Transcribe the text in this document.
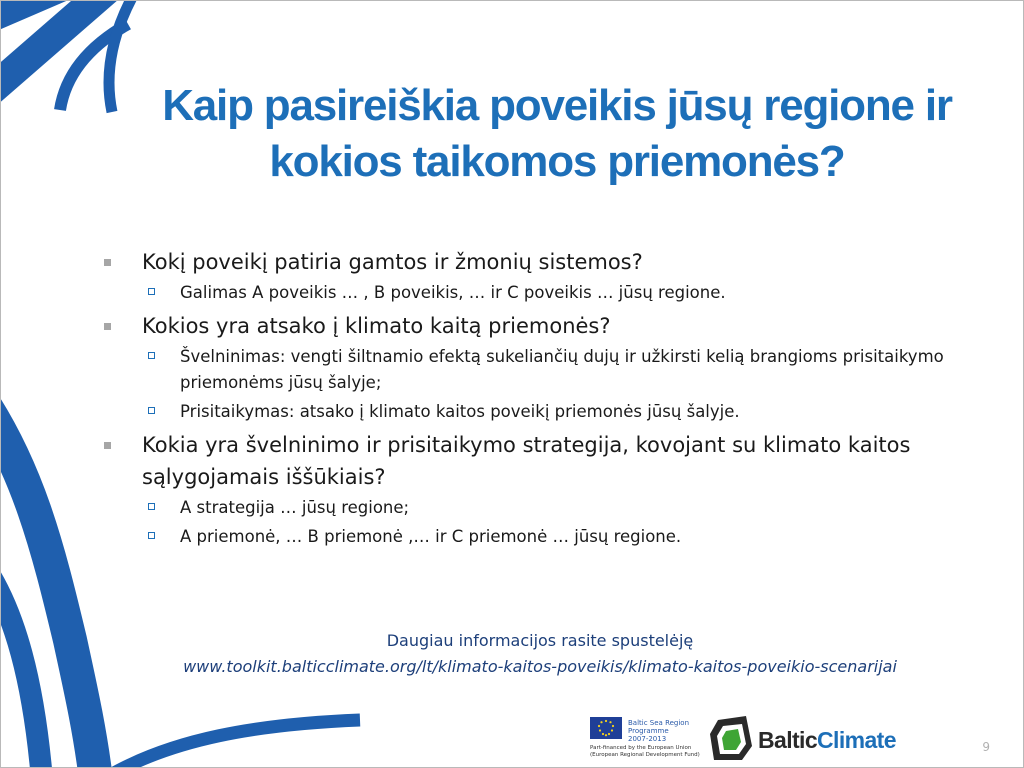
Kaip pasireiškia poveikis jūsų regione ir
kokios taikomos priemonės?
Kokį poveikį patiria gamtos ir žmonių sistemos?
Galimas A poveikis … , B poveikis, … ir C poveikis … jūsų regione.
Kokios yra atsako į klimato kaitą priemonės?
Švelninimas: vengti šiltnamio efektą sukeliančių dujų ir užkirsti kelią brangioms prisitaikymo priemonėms jūsų šalyje;
Prisitaikymas: atsako į klimato kaitos poveikį priemonės jūsų šalyje.
Kokia yra švelninimo ir prisitaikymo strategija, kovojant su klimato kaitos sąlygojamais iššūkiais?
A strategija … jūsų regione;
A priemonė, … B priemonė ,… ir C priemonė … jūsų regione.
Daugiau informacijos rasite spustelėję
www.toolkit.balticclimate.org/lt/klimato-kaitos-poveikis/klimato-kaitos-poveikio-scenarijai
Baltic Sea Region
Programme 2007-2013
Part-financed by the European Union
(European Regional Development Fund)
BalticClimate	9
